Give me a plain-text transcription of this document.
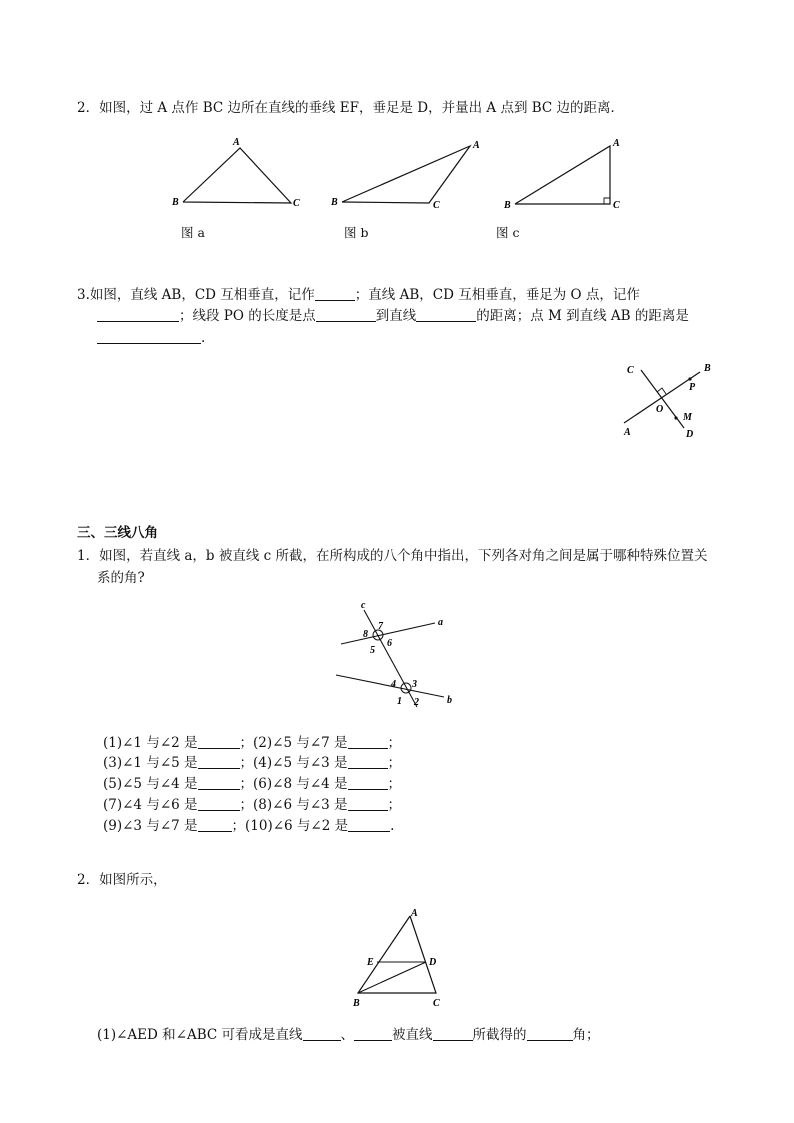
2．如图，过 A 点作 BC 边所在直线的垂线 EF，垂足是 D，并量出 A 点到 BC 边的距离．
A
B	C
A
B	C
A
B	C
C	B
P
O
M
A	D
c
a
b
8
7
5
6
4 3
1 2
A
E	D
B	C
图 a	图 b	图 c
3.如图，直线 AB，CD 互相垂直，记作	；直线 AB，CD 互相垂直，垂足为 O 点，记作
；线段 PO 的长度是点	到直线	的距离；点 M 到直线 AB 的距离是
.
三、三线八角
1．如图，若直线 a，b 被直线 c 所截，在所构成的八个角中指出，下列各对角之间是属于哪种特殊位置关
系的角?
(1)∠1 与∠2 是	；(2)∠5 与∠7 是	；
(3)∠1 与∠5 是	；(4)∠5 与∠3 是	；
(5)∠5 与∠4 是	；(6)∠8 与∠4 是	；
(7)∠4 与∠6 是	；(8)∠6 与∠3 是	；
(9)∠3 与∠7 是	；(10)∠6 与∠2 是	.
2．如图所示，
(1)∠AED 和∠ABC 可看成是直线	、	被直线	所截得的	角；
